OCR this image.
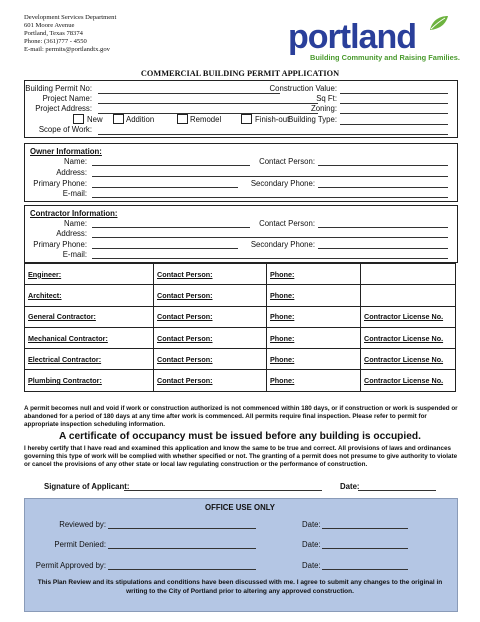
Development Services Department
601 Moore Avenue
Portland, Texas 78374
Phone: (361)777 - 4550
E-mail: permits@portlandtx.gov	portland
Building Community and Raising Families.
COMMERCIAL BUILDING PERMIT APPLICATION
Building Permit No:
Project Name:
Project Address:
New	Addition	Remodel	Finish-out
Construction Value:
Sq Ft:
Zoning:
Building Type:
Scope of Work:
Owner Information:
Name:	Contact Person:
Address:
Primary Phone:	Secondary Phone:
E-mail:
Contractor Information:
Name:	Contact Person:
Address:
Primary Phone:	Secondary Phone:
E-mail:
Engineer:	Contact Person:	Phone:	
Architect:	Contact Person:	Phone:	
General Contractor:	Contact Person:	Phone:	Contractor License No.
Mechanical Contractor:	Contact Person:	Phone:	Contractor License No.
Electrical Contractor:	Contact Person:	Phone:	Contractor License No.
Plumbing Contractor:	Contact Person:	Phone:	Contractor License No.
A permit becomes null and void if work or construction authorized is not commenced within 180 days, or if construction or work is suspended or abandoned for a period of 180 days at any time after work is commenced. All permits require final inspection. Please refer to permit for appropriate inspection scheduling information.
A certificate of occupancy must be issued before any building is occupied.
I hereby certify that I have read and examined this application and know the same to be true and correct. All provisions of laws and ordinances governing this type of work will be complied with whether specified or not. The granting of a permit does not presume to give authority to violate or cancel the provisions of any other state or local law regulating construction or the performance of construction.
Signature of Applicant:	Date:
OFFICE USE ONLY
Reviewed by:	Date:
Permit Denied:	Date:
Permit Approved by:	Date:
This Plan Review and its stipulations and conditions have been discussed with me. I agree to submit any changes to the original in writing to the City of Portland prior to altering any approved construction.
